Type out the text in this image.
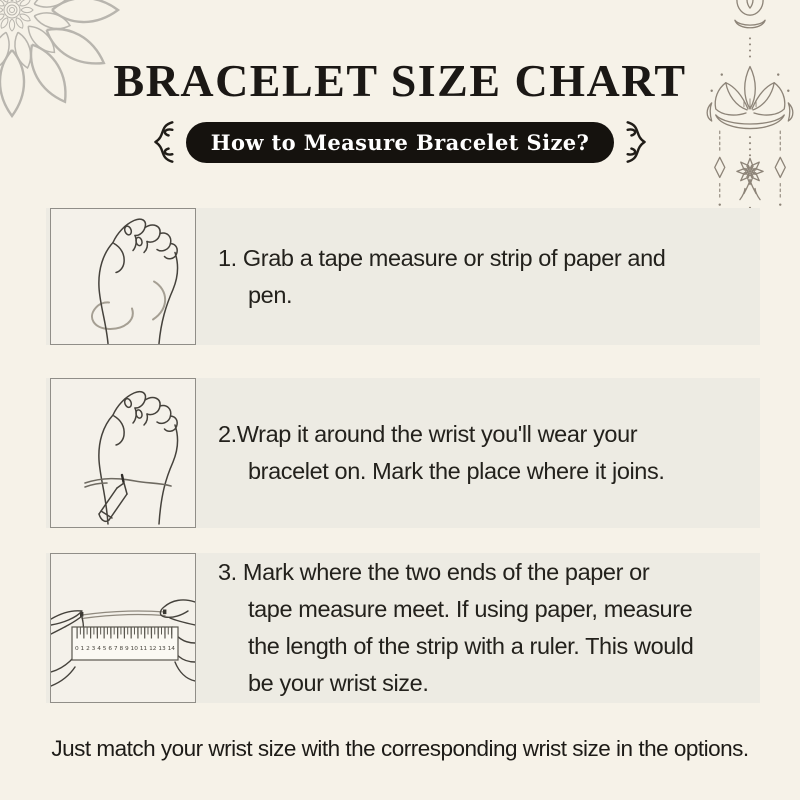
BRACELET SIZE CHART
How to Measure Bracelet Size?
1. Grab a tape measure or strip of paper and
pen.
2.Wrap it around the wrist you'll wear your
bracelet on. Mark the place where it joins.
0 1 2 3 4 5 6 7 8 9 10 11 12 13 14
3. Mark where the two ends of the paper or
tape measure meet. If using paper, measure
the length of the strip with a ruler. This would
be your wrist size.

Just match your wrist size with the corresponding wrist size in the options.
